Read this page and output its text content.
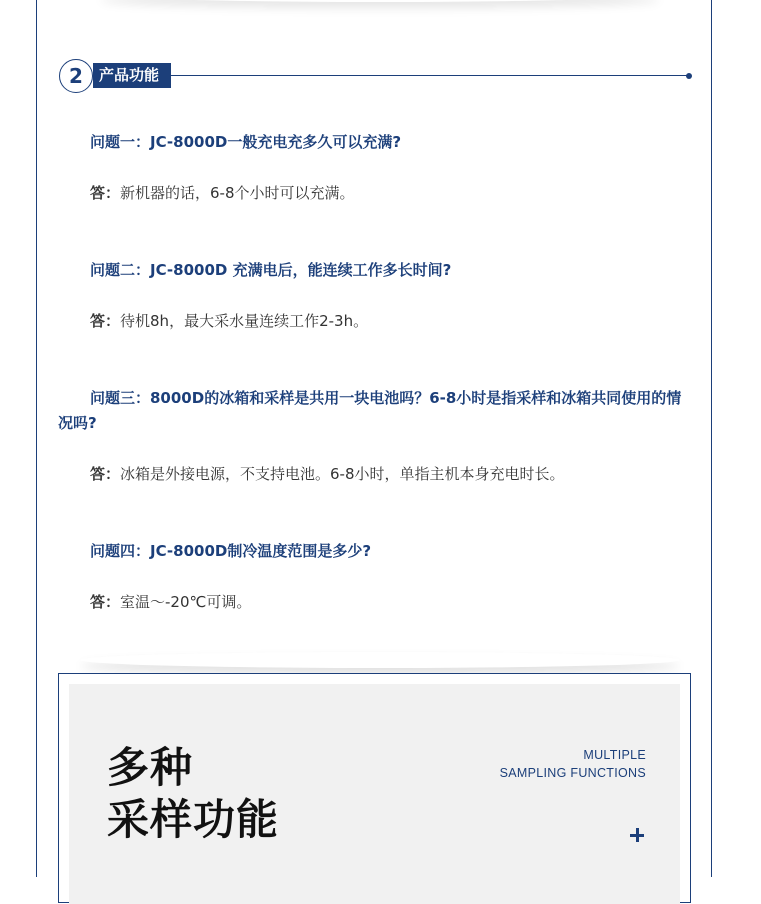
2	产品功能

问题一：JC-8000D一般充电充多久可以充满?

答：新机器的话，6-8个小时可以充满。

问题二：JC-8000D 充满电后，能连续工作多长时间?

答：待机8h，最大采水量连续工作2-3h。

问题三：8000D的冰箱和采样是共用一块电池吗？6-8小时是指采样和冰箱共同使用的情况吗?

答：冰箱是外接电源，不支持电池。6-8小时，单指主机本身充电时长。

问题四：JC-8000D制冷温度范围是多少?

答：室温～-20℃可调。

多种
采样功能
MULTIPLE
SAMPLING FUNCTIONS
